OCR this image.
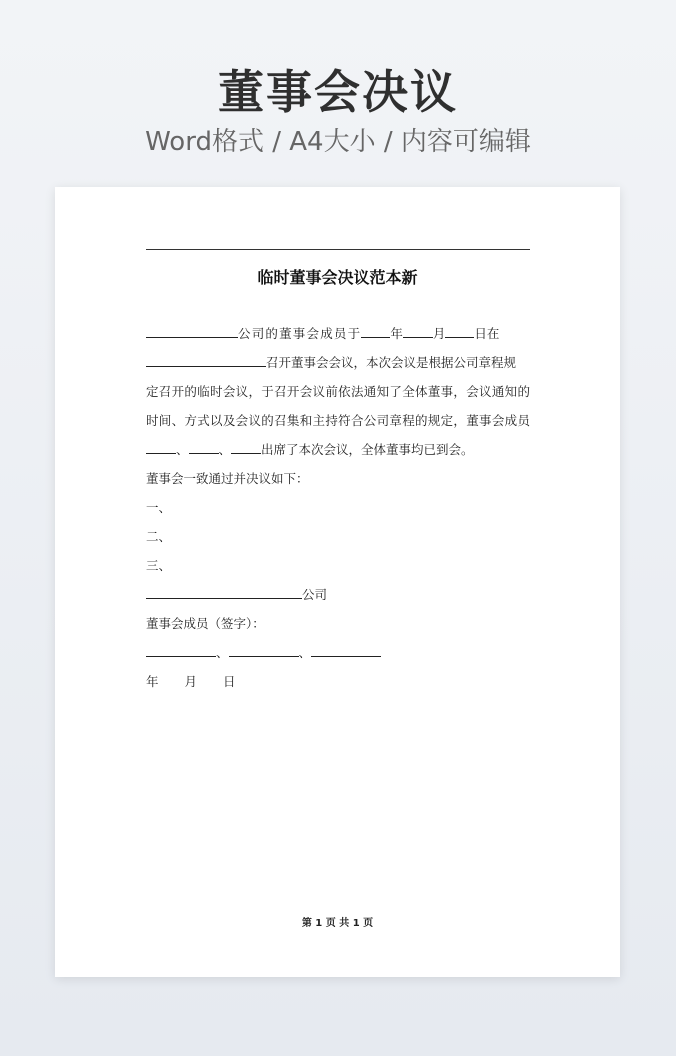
董事会决议
Word格式 / A4大小 / 内容可编辑
临时董事会决议范本新
公司的董事会成员于 年 月 日在
召开董事会会议，本次会议是根据公司章程规
定召开的临时会议，于召开会议前依法通知了全体董事，会议通知的
时间、方式以及会议的召集和主持符合公司章程的规定，董事会成员
、 、 出席了本次会议，全体董事均已到会。
董事会一致通过并决议如下：
一、
二、
三、
公司
董事会成员（签字）：
、	、
年 月 日
第 1 页 共 1 页
